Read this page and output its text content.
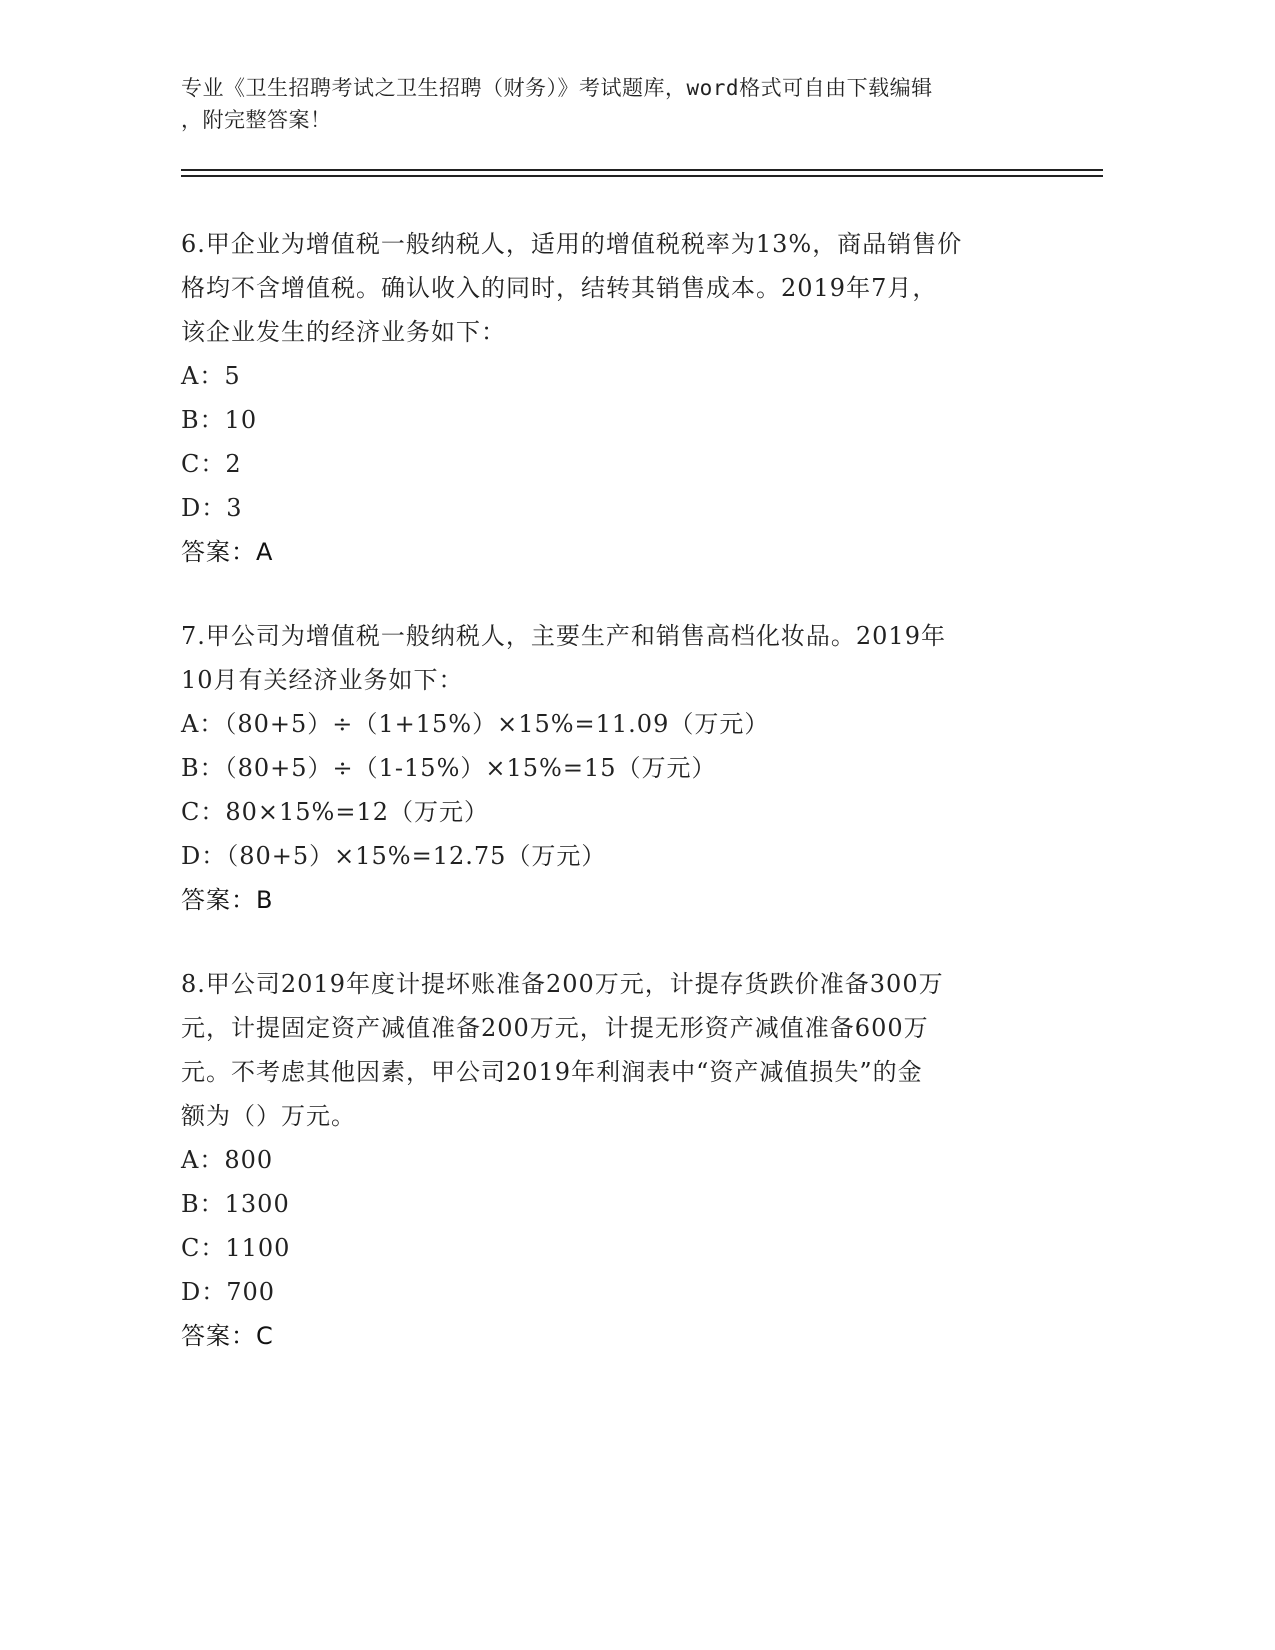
专业《卫生招聘考试之卫生招聘（财务）》考试题库，word格式可自由下载编辑
，附完整答案！
6.甲企业为增值税一般纳税人，适用的增值税税率为13%，商品销售价
格均不含增值税。确认收入的同时，结转其销售成本。2019年7月，
该企业发生的经济业务如下：
A：5
B：10
C：2
D：3
答案：A
7.甲公司为增值税一般纳税人，主要生产和销售高档化妆品。2019年
10月有关经济业务如下：
A：（80+5）÷（1+15%）×15%=11.09（万元）
B：（80+5）÷（1-15%）×15%=15（万元）
C：80×15%=12（万元）
D：（80+5）×15%=12.75（万元）
答案：B
8.甲公司2019年度计提坏账准备200万元，计提存货跌价准备300万
元，计提固定资产减值准备200万元，计提无形资产减值准备600万
元。不考虑其他因素，甲公司2019年利润表中“资产减值损失”的金
额为（）万元。
A：800
B：1300
C：1100
D：700
答案：C
